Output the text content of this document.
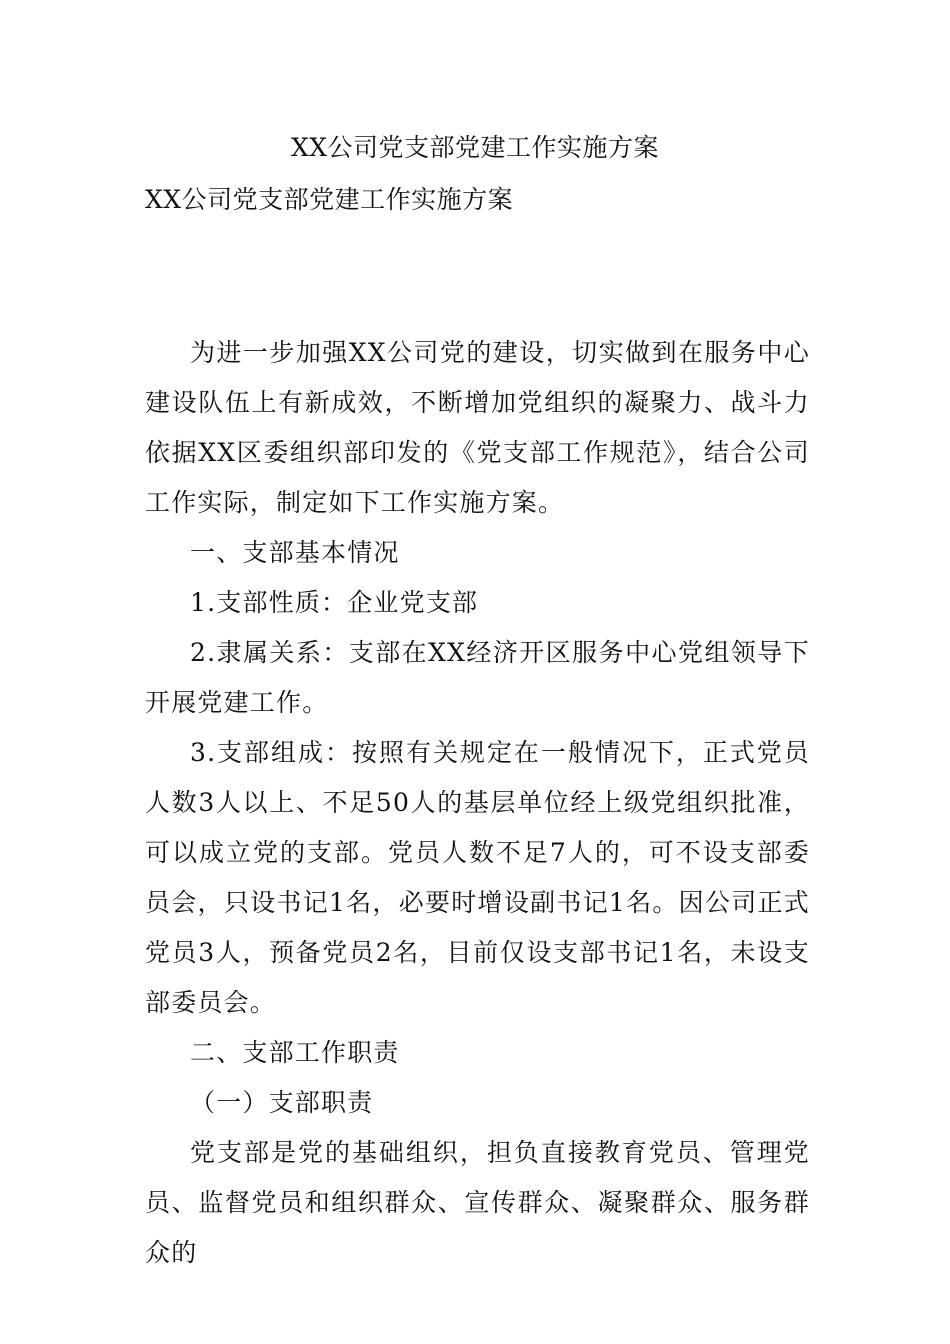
XX公司党支部党建工作实施方案
XX公司党支部党建工作实施方案

为进一步加强XX公司党的建设，切实做到在服务中心建设队伍上有新成效，不断增加党组织的凝聚力、战斗力依据XX区委组织部印发的《党支部工作规范》，结合公司工作实际，制定如下工作实施方案。

一、支部基本情况

1.支部性质：企业党支部

2.隶属关系：支部在XX经济开区服务中心党组领导下开展党建工作。

3.支部组成：按照有关规定在一般情况下，正式党员人数3人以上、不足50人的基层单位经上级党组织批准，可以成立党的支部。党员人数不足7人的，可不设支部委员会，只设书记1名，必要时增设副书记1名。因公司正式党员3人，预备党员2名，目前仅设支部书记1名，未设支部委员会。

二、支部工作职责

（一）支部职责

党支部是党的基础组织，担负直接教育党员、管理党员、监督党员和组织群众、宣传群众、凝聚群众、服务群众的
